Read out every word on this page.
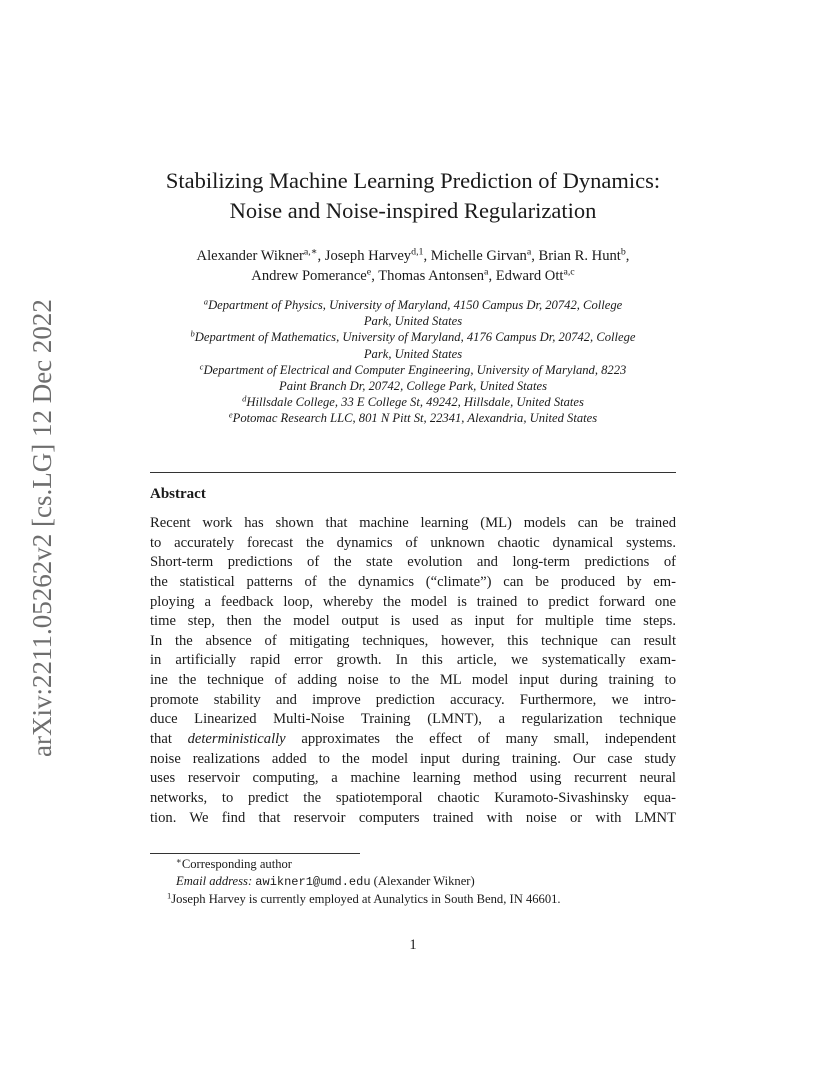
arXiv:2211.05262v2 [cs.LG] 12 Dec 2022
Stabilizing Machine Learning Prediction of Dynamics:
Noise and Noise-inspired Regularization
Alexander Wikner$^{a,∗}$, Joseph Harvey$^{d,1}$, Michelle Girvan$^a$, Brian R. Hunt$^b$,
Andrew Pomerance$^e$, Thomas Antonsen$^a$, Edward Ott$^{a,c}$
$^a$Department of Physics, University of Maryland, 4150 Campus Dr, 20742, College
Park, United States
$^b$Department of Mathematics, University of Maryland, 4176 Campus Dr, 20742, College
Park, United States
$^c$Department of Electrical and Computer Engineering, University of Maryland, 8223
Paint Branch Dr, 20742, College Park, United States
$^d$Hillsdale College, 33 E College St, 49242, Hillsdale, United States
$^e$Potomac Research LLC, 801 N Pitt St, 22341, Alexandria, United States
Abstract
Recent work has shown that machine learning (ML) models can be trained
to accurately forecast the dynamics of unknown chaotic dynamical systems.
Short-term predictions of the state evolution and long-term predictions of
the statistical patterns of the dynamics (“climate”) can be produced by em-
ploying a feedback loop, whereby the model is trained to predict forward one
time step, then the model output is used as input for multiple time steps.
In the absence of mitigating techniques, however, this technique can result
in artificially rapid error growth. In this article, we systematically exam-
ine the technique of adding noise to the ML model input during training to
promote stability and improve prediction accuracy. Furthermore, we intro-
duce Linearized Multi-Noise Training (LMNT), a regularization technique
that deterministically approximates the effect of many small, independent
noise realizations added to the model input during training. Our case study
uses reservoir computing, a machine learning method using recurrent neural
networks, to predict the spatiotemporal chaotic Kuramoto-Sivashinsky equa-
tion. We find that reservoir computers trained with noise or with LMNT
∗Corresponding author
Email address: awikner1@umd.edu (Alexander Wikner)
$^1$Joseph Harvey is currently employed at Aunalytics in South Bend, IN 46601.
1
